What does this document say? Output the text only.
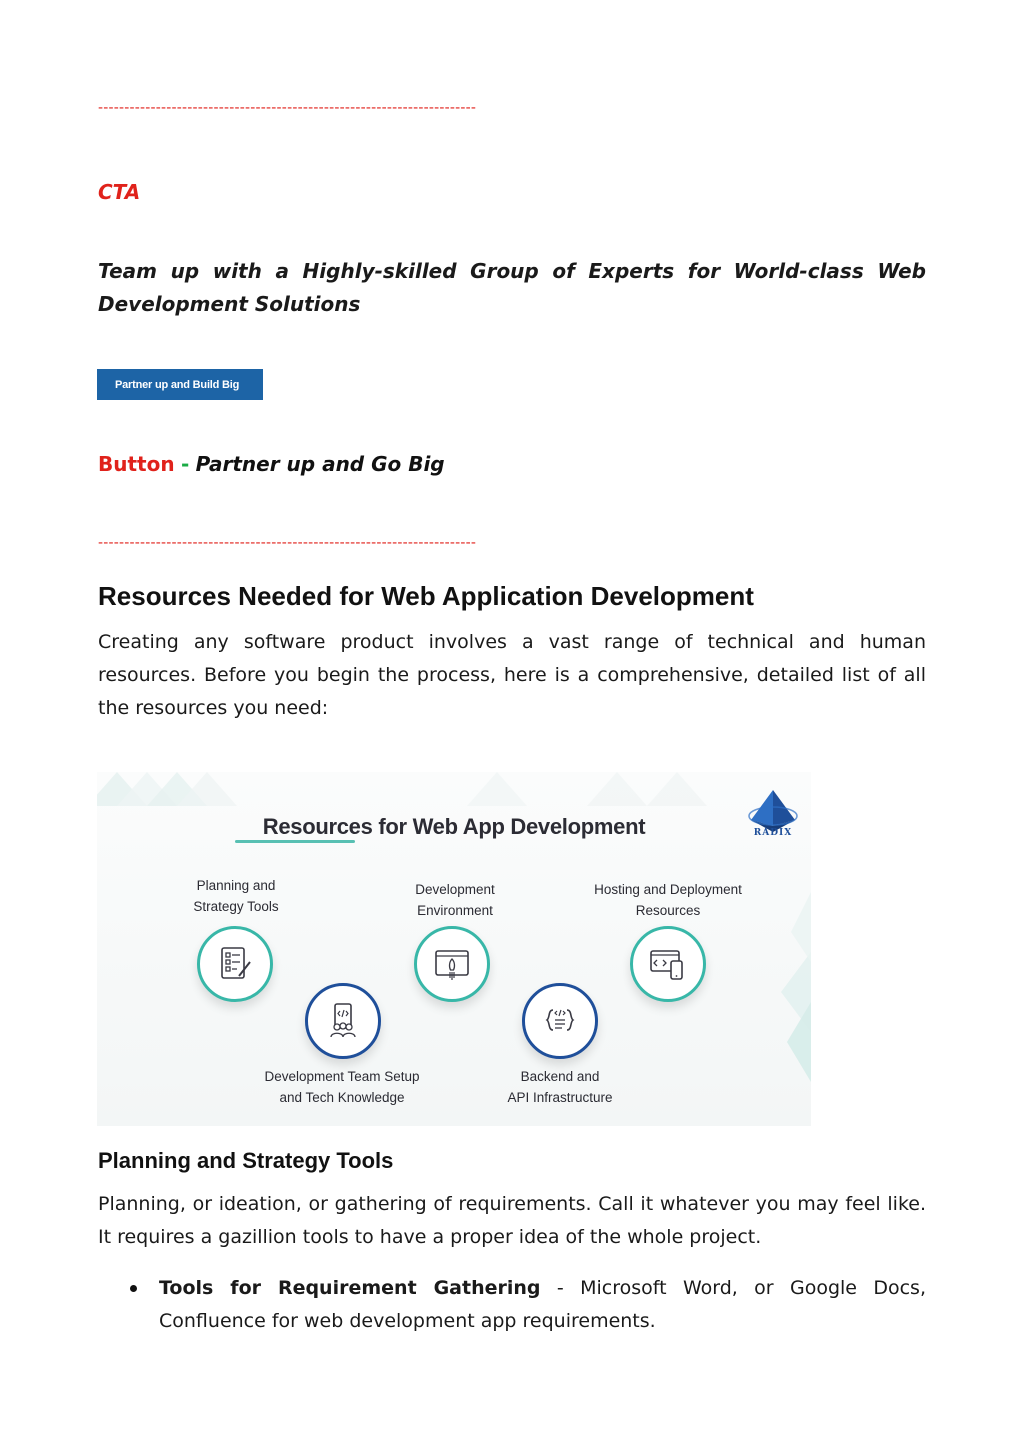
------------------------------------------------------------------------
CTA
Team up with a Highly-skilled Group of Experts for World-class Web Development Solutions
Partner up and Build Big
Button - Partner up and Go Big
------------------------------------------------------------------------
Resources Needed for Web Application Development

Creating any software product involves a vast range of technical and human resources. Before you begin the process, here is a comprehensive, detailed list of all the resources you need:

Resources for Web App Development	RADIX
Planning and
Strategy Tools
Development
Environment
Hosting and Deployment
Resources
Development Team Setup
and Tech Knowledge
Backend and
API Infrastructure
Planning and Strategy Tools

Planning, or ideation, or gathering of requirements. Call it whatever you may feel like. It requires a gazillion tools to have a proper idea of the whole project.

Tools for Requirement Gathering - Microsoft Word, or Google Docs, Confluence for web development app requirements.
